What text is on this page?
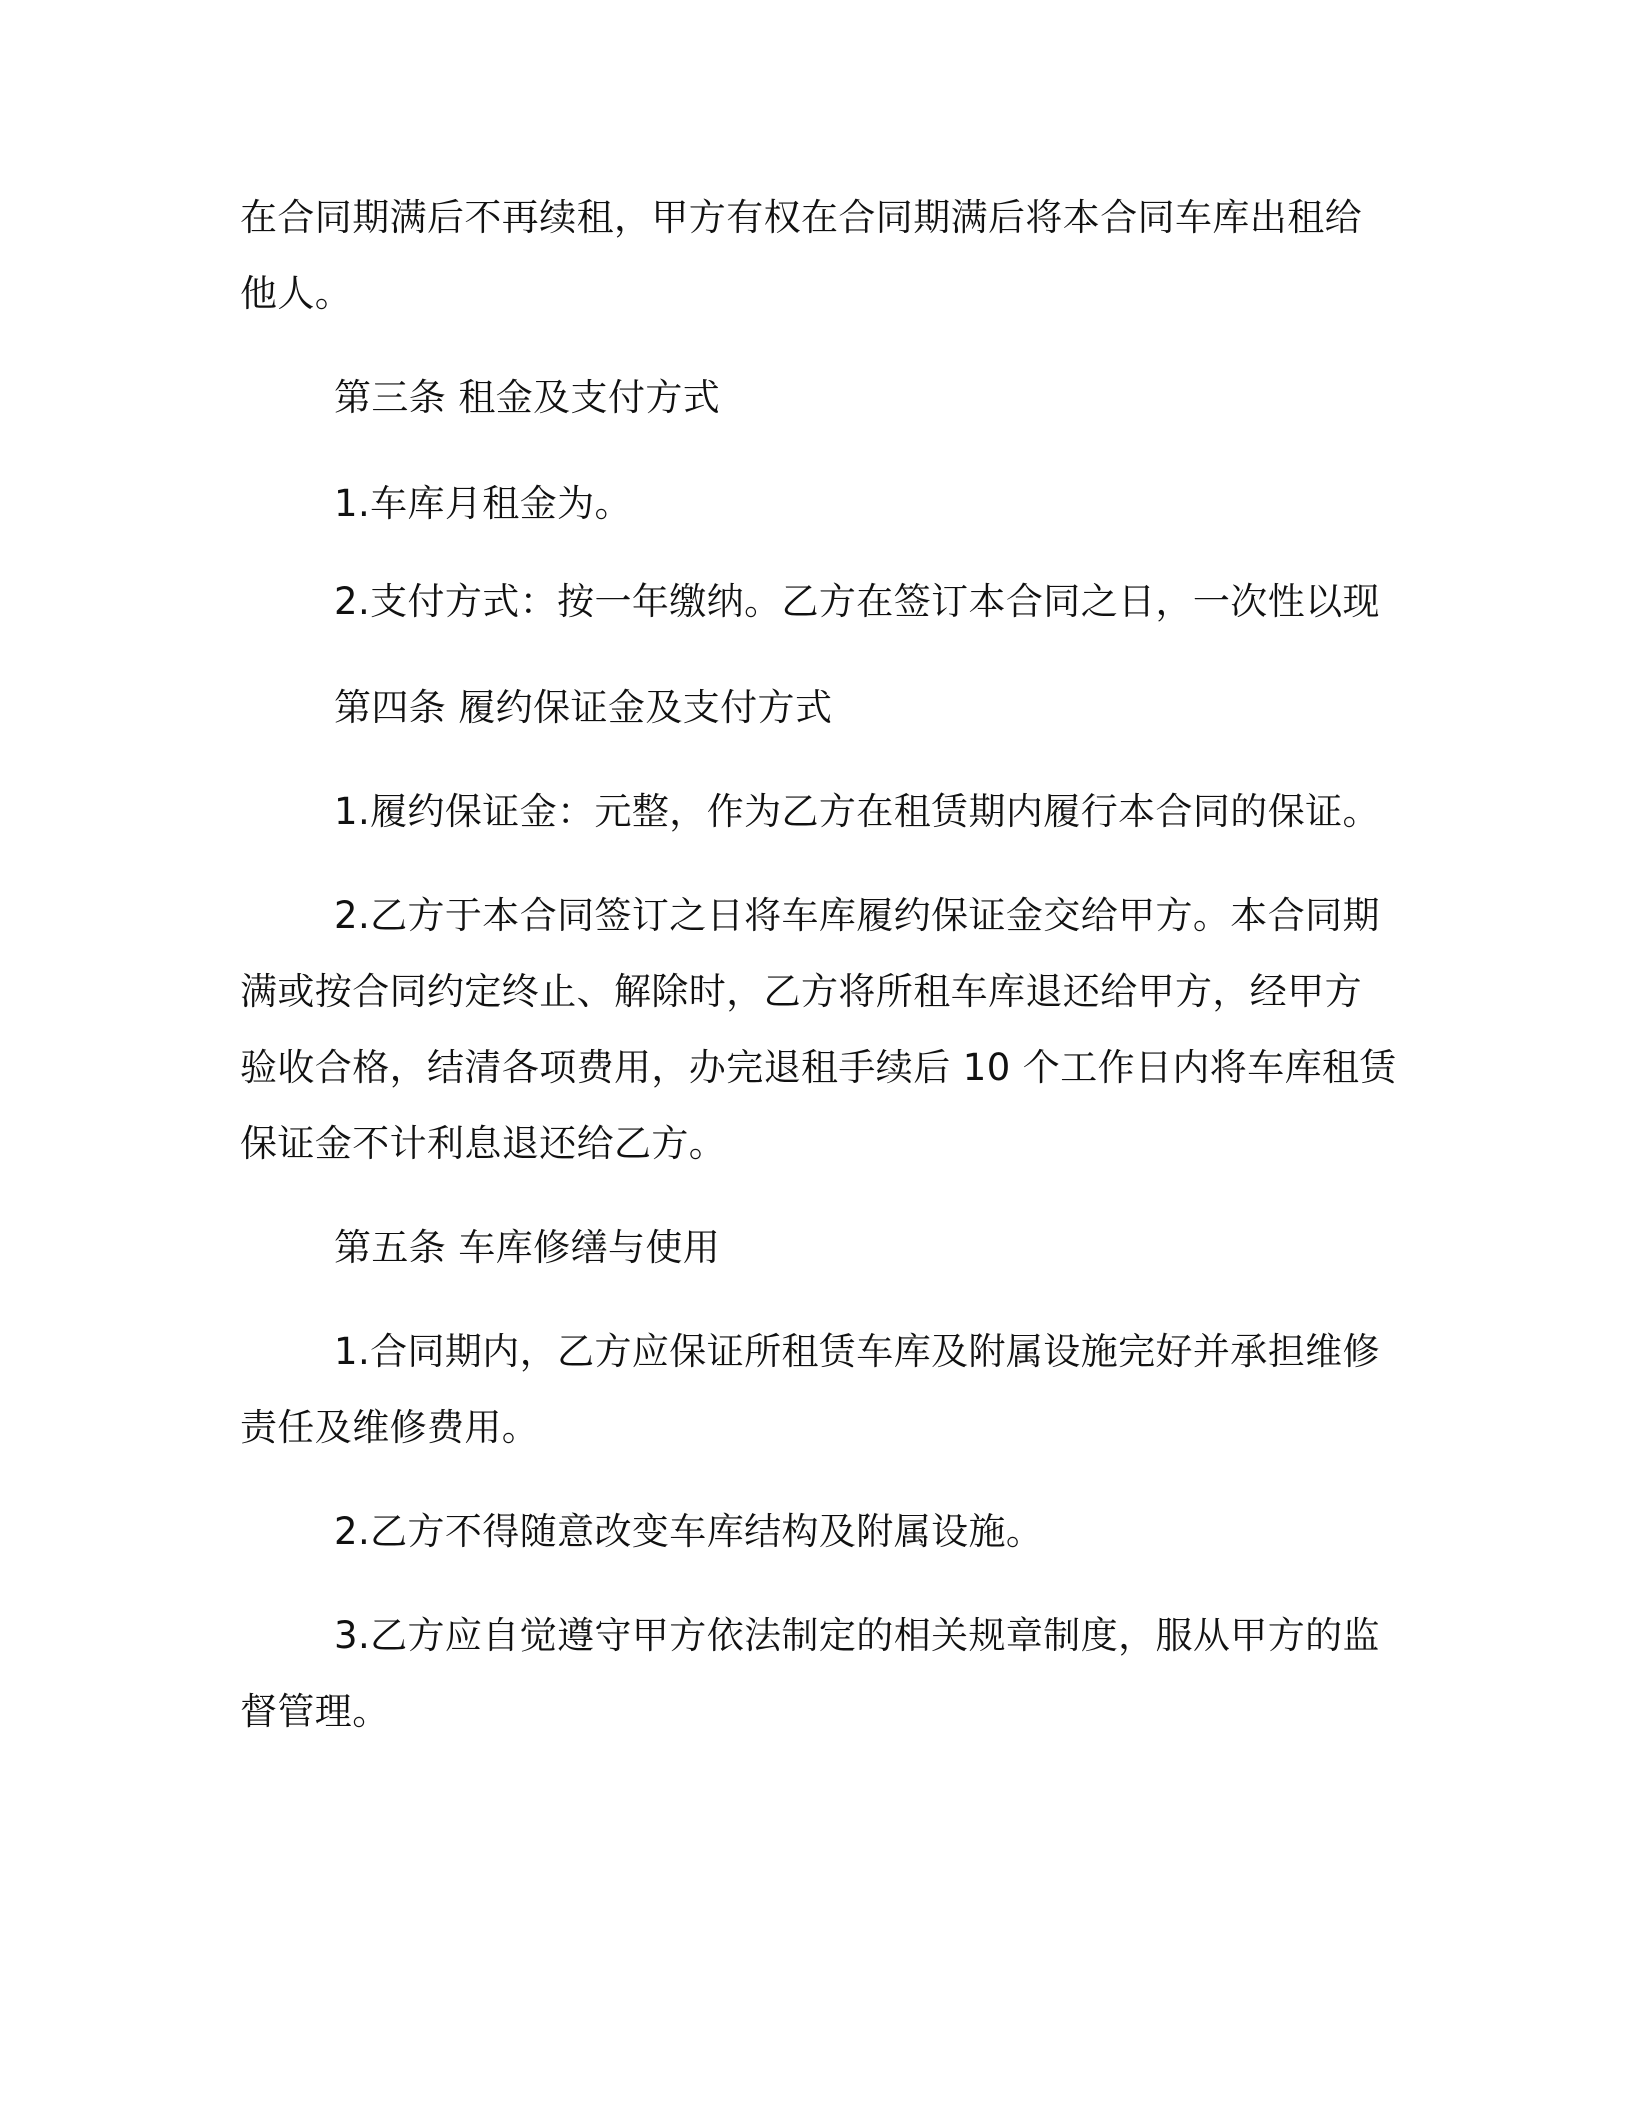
在合同期满后不再续租，甲方有权在合同期满后将本合同车库出租给
他人。
第三条 租金及支付方式
1.车库月租金为。
2.支付方式：按一年缴纳。乙方在签订本合同之日，一次性以现
第四条 履约保证金及支付方式
1.履约保证金：元整，作为乙方在租赁期内履行本合同的保证。
2.乙方于本合同签订之日将车库履约保证金交给甲方。本合同期
满或按合同约定终止、解除时，乙方将所租车库退还给甲方，经甲方
验收合格，结清各项费用，办完退租手续后 10 个工作日内将车库租赁
保证金不计利息退还给乙方。
第五条 车库修缮与使用
1.合同期内，乙方应保证所租赁车库及附属设施完好并承担维修
责任及维修费用。
2.乙方不得随意改变车库结构及附属设施。
3.乙方应自觉遵守甲方依法制定的相关规章制度，服从甲方的监
督管理。
